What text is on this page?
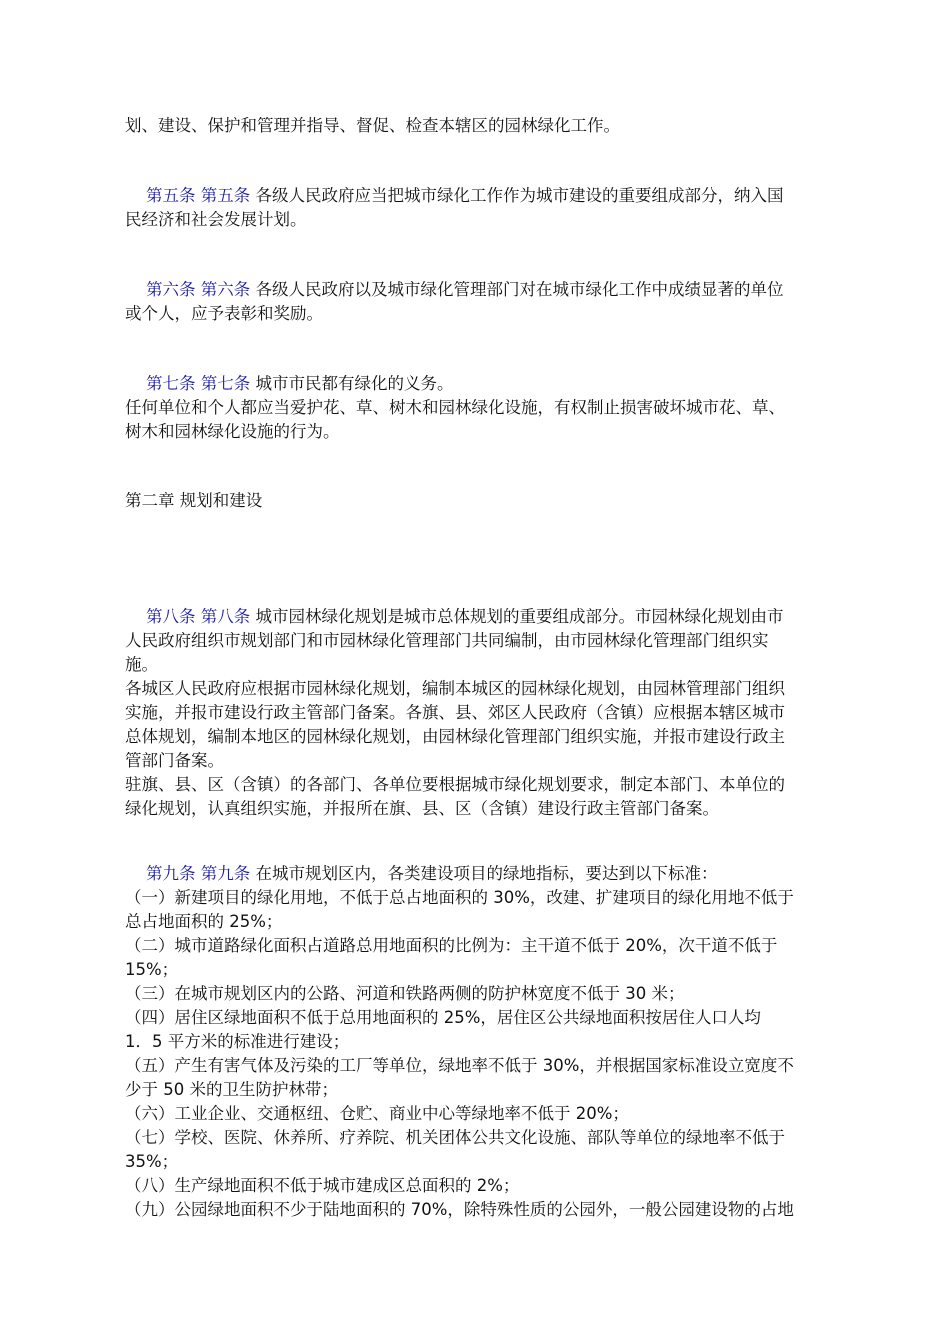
划、建设、保护和管理并指导、督促、检查本辖区的园林绿化工作。
第五条 第五条 各级人民政府应当把城市绿化工作作为城市建设的重要组成部分，纳入国
民经济和社会发展计划。
第六条 第六条 各级人民政府以及城市绿化管理部门对在城市绿化工作中成绩显著的单位
或个人，应予表彰和奖励。
第七条 第七条 城市市民都有绿化的义务。
任何单位和个人都应当爱护花、草、树木和园林绿化设施，有权制止损害破坏城市花、草、
树木和园林绿化设施的行为。
第二章 规划和建设
第八条 第八条 城市园林绿化规划是城市总体规划的重要组成部分。市园林绿化规划由市
人民政府组织市规划部门和市园林绿化管理部门共同编制，由市园林绿化管理部门组织实
施。
各城区人民政府应根据市园林绿化规划，编制本城区的园林绿化规划，由园林管理部门组织
实施，并报市建设行政主管部门备案。各旗、县、郊区人民政府（含镇）应根据本辖区城市
总体规划，编制本地区的园林绿化规划，由园林绿化管理部门组织实施，并报市建设行政主
管部门备案。
驻旗、县、区（含镇）的各部门、各单位要根据城市绿化规划要求，制定本部门、本单位的
绿化规划，认真组织实施，并报所在旗、县、区（含镇）建设行政主管部门备案。
第九条 第九条 在城市规划区内，各类建设项目的绿地指标，要达到以下标准：
（一）新建项目的绿化用地，不低于总占地面积的 30%，改建、扩建项目的绿化用地不低于
总占地面积的 25%；
（二）城市道路绿化面积占道路总用地面积的比例为：主干道不低于 20%，次干道不低于
15%；
（三）在城市规划区内的公路、河道和铁路两侧的防护林宽度不低于 30 米；
（四）居住区绿地面积不低于总用地面积的 25%，居住区公共绿地面积按居住人口人均
1．5 平方米的标准进行建设；
（五）产生有害气体及污染的工厂等单位，绿地率不低于 30%，并根据国家标准设立宽度不
少于 50 米的卫生防护林带；
（六）工业企业、交通枢纽、仓贮、商业中心等绿地率不低于 20%；
（七）学校、医院、休养所、疗养院、机关团体公共文化设施、部队等单位的绿地率不低于
35%；
（八）生产绿地面积不低于城市建成区总面积的 2%；
（九）公园绿地面积不少于陆地面积的 70%，除特殊性质的公园外，一般公园建设物的占地
